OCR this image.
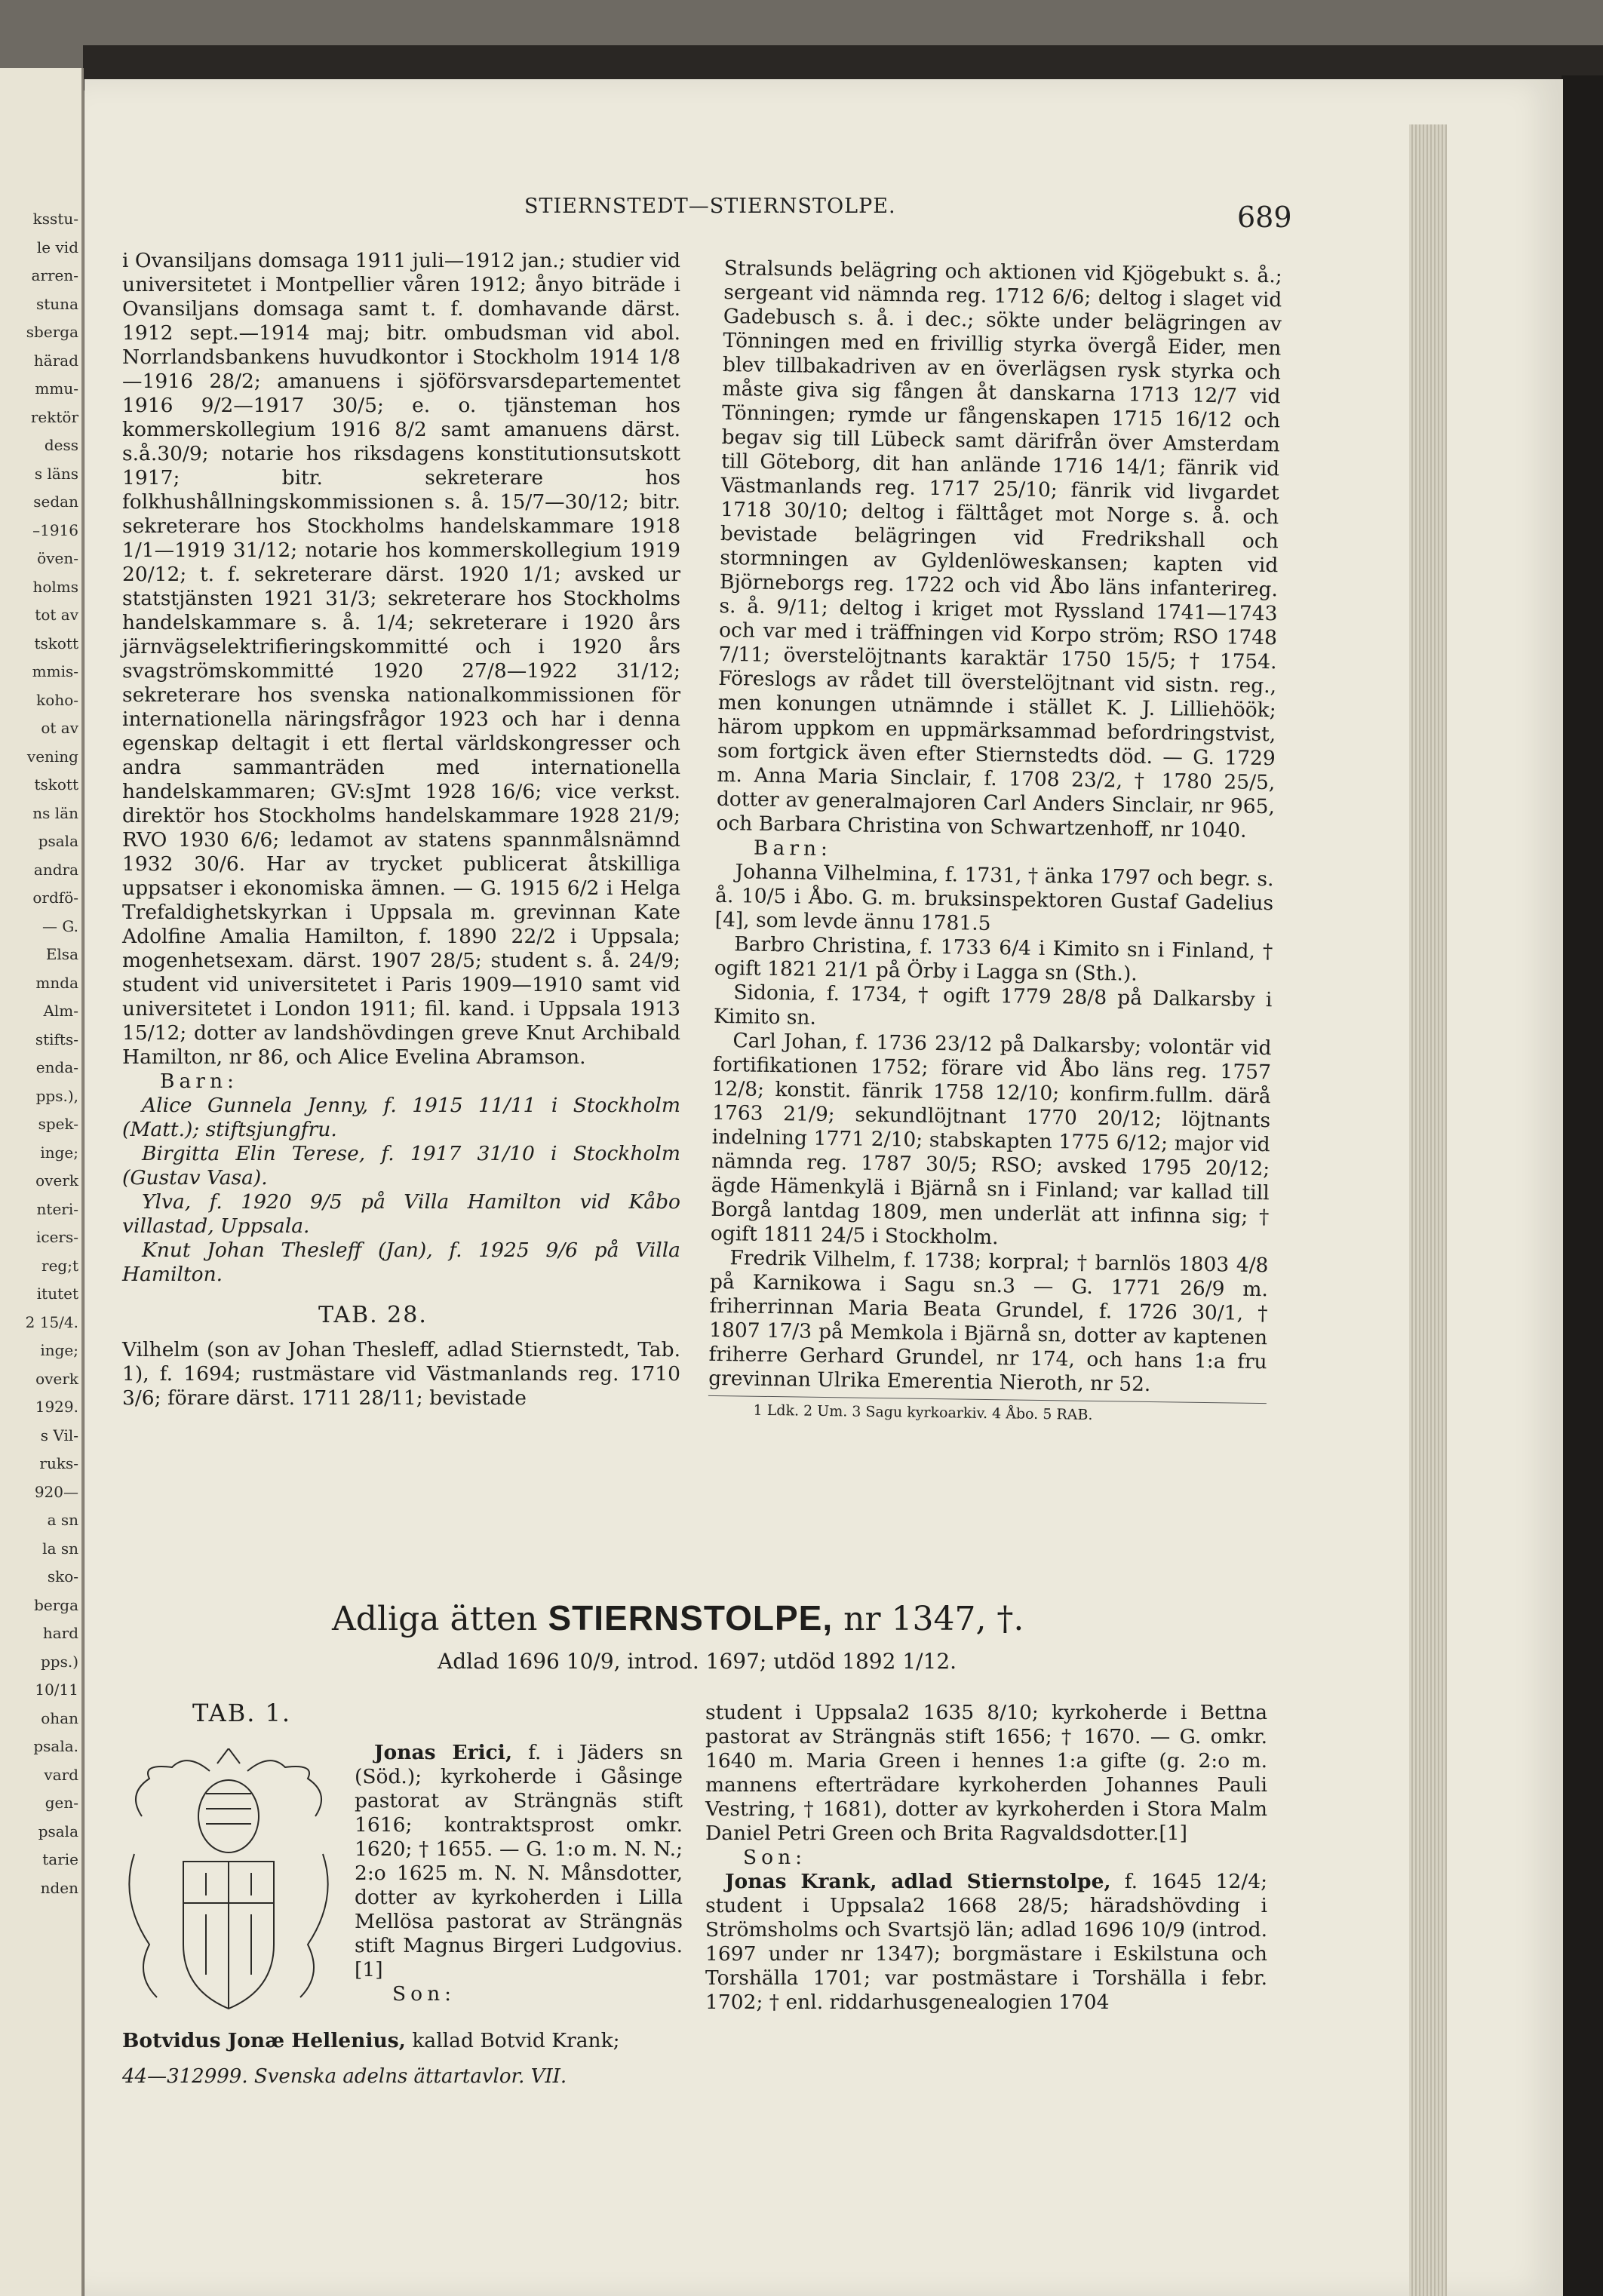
ksstu-
le vid
arren-
stuna
sberga
härad
mmu-
rektör
dess
s läns
sedan
–1916
öven-
holms
tot av
tskott
mmis-
koho-
ot av
vening
tskott
ns län
psala
andra
ordfö-
— G.
Elsa
mnda
Alm-
stifts-
enda-
pps.),
spek-
inge;
overk
nteri-
icers-
reg;t
itutet
2 15/4.
inge;
overk
1929.
s Vil-
ruks-
920—
a sn
la sn
sko-
berga
hard
pps.)
10/11
ohan
psala.
vard
gen-
psala
tarie
nden
STIERNSTEDT—STIERNSTOLPE.	689

i Ovansiljans domsaga 1911 juli—1912 jan.; studier vid universitetet i Montpellier våren 1912; ånyo biträde i Ovansiljans domsaga samt t. f. domhavande därst. 1912 sept.—1914 maj; bitr. ombudsman vid abol. Norrlandsbankens huvudkontor i Stockholm 1914 1/8—1916 28/2; amanuens i sjöförsvarsdepartementet 1916 9/2—1917 30/5; e. o. tjänsteman hos kommerskollegium 1916 8/2 samt amanuens därst. s.å.30/9; notarie hos riksdagens konstitutionsutskott 1917; bitr. sekreterare hos folkhushållningskommissionen s. å. 15/7—30/12; bitr. sekreterare hos Stockholms handelskammare 1918 1/1—1919 31/12; notarie hos kommerskollegium 1919 20/12; t. f. sekreterare därst. 1920 1/1; avsked ur statstjänsten 1921 31/3; sekreterare hos Stockholms handelskammare s. å. 1/4; sekreterare i 1920 års järnvägselektrifieringskommitté och i 1920 års svagströmskommitté 1920 27/8—1922 31/12; sekreterare hos svenska nationalkommissionen för internationella näringsfrågor 1923 och har i denna egenskap deltagit i ett flertal världskongresser och andra sammanträden med internationella handelskammaren; GV:sJmt 1928 16/6; vice verkst. direktör hos Stockholms handelskammare 1928 21/9; RVO 1930 6/6; ledamot av statens spannmålsnämnd 1932 30/6. Har av trycket publicerat åtskilliga uppsatser i ekonomiska ämnen. — G. 1915 6/2 i Helga Trefaldighetskyrkan i Uppsala m. grevinnan Kate Adolfine Amalia Hamilton, f. 1890 22/2 i Uppsala; mogenhetsexam. därst. 1907 28/5; student s. å. 24/9; student vid universitetet i Paris 1909—1910 samt vid universitetet i London 1911; fil. kand. i Uppsala 1913 15/12; dotter av landshövdingen greve Knut Archibald Hamilton, nr 86, och Alice Evelina Abramson.

Barn:

Alice Gunnela Jenny, f. 1915 11/11 i Stockholm (Matt.); stiftsjungfru.

Birgitta Elin Terese, f. 1917 31/10 i Stockholm (Gustav Vasa).

Ylva, f. 1920 9/5 på Villa Hamilton vid Kåbo villastad, Uppsala.

Knut Johan Thesleff (Jan), f. 1925 9/6 på Villa Hamilton.

TAB. 28.

Vilhelm (son av Johan Thesleff, adlad Stiernstedt, Tab. 1), f. 1694; rustmästare vid Västmanlands reg. 1710 3/6; förare därst. 1711 28/11; bevistade

Stralsunds belägring och aktionen vid Kjögebukt s. å.; sergeant vid nämnda reg. 1712 6/6; deltog i slaget vid Gadebusch s. å. i dec.; sökte under belägringen av Tönningen med en frivillig styrka övergå Eider, men blev tillbakadriven av en överlägsen rysk styrka och måste giva sig fången åt danskarna 1713 12/7 vid Tönningen; rymde ur fångenskapen 1715 16/12 och begav sig till Lübeck samt därifrån över Amsterdam till Göteborg, dit han anlände 1716 14/1; fänrik vid Västmanlands reg. 1717 25/10; fänrik vid livgardet 1718 30/10; deltog i fälttåget mot Norge s. å. och bevistade belägringen vid Fredrikshall och stormningen av Gyldenlöweskansen; kapten vid Björneborgs reg. 1722 och vid Åbo läns infanterireg. s. å. 9/11; deltog i kriget mot Ryssland 1741—1743 och var med i träffningen vid Korpo ström; RSO 1748 7/11; överstelöjtnants karaktär 1750 15/5; † 1754. Föreslogs av rådet till överstelöjtnant vid sistn. reg., men konungen utnämnde i stället K. J. Lilliehöök; härom uppkom en uppmärksammad befordringstvist, som fortgick även efter Stiernstedts död. — G. 1729 m. Anna Maria Sinclair, f. 1708 23/2, † 1780 25/5, dotter av generalmajoren Carl Anders Sinclair, nr 965, och Barbara Christina von Schwartzenhoff, nr 1040.

Barn:

Johanna Vilhelmina, f. 1731, † änka 1797 och begr. s. å. 10/5 i Åbo. G. m. bruksinspektoren Gustaf Gadelius [4], som levde ännu 1781.5

Barbro Christina, f. 1733 6/4 i Kimito sn i Finland, † ogift 1821 21/1 på Örby i Lagga sn (Sth.).

Sidonia, f. 1734, † ogift 1779 28/8 på Dalkarsby i Kimito sn.

Carl Johan, f. 1736 23/12 på Dalkarsby; volontär vid fortifikationen 1752; förare vid Åbo läns reg. 1757 12/8; konstit. fänrik 1758 12/10; konfirm.fullm. därå 1763 21/9; sekundlöjtnant 1770 20/12; löjtnants indelning 1771 2/10; stabskapten 1775 6/12; major vid nämnda reg. 1787 30/5; RSO; avsked 1795 20/12; ägde Hämenkylä i Bjärnå sn i Finland; var kallad till Borgå lantdag 1809, men underlät att infinna sig; † ogift 1811 24/5 i Stockholm.

Fredrik Vilhelm, f. 1738; korpral; † barnlös 1803 4/8 på Karnikowa i Sagu sn.3 — G. 1771 26/9 m. friherrinnan Maria Beata Grundel, f. 1726 30/1, † 1807 17/3 på Memkola i Bjärnå sn, dotter av kaptenen friherre Gerhard Grundel, nr 174, och hans 1:a fru grevinnan Ulrika Emerentia Nieroth, nr 52.

1 Ldk. 2 Um. 3 Sagu kyrkoarkiv. 4 Åbo. 5 RAB.

Adliga ätten STIERNSTOLPE, nr 1347, †.
Adlad 1696 10/9, introd. 1697; utdöd 1892 1/12.
TAB. 1.

Jonas Erici, f. i Jäders sn (Söd.); kyrkoherde i Gåsinge pastorat av Strängnäs stift 1616; kontraktsprost omkr. 1620; † 1655. — G. 1:o m. N. N.; 2:o 1625 m. N. N. Månsdotter, dotter av kyrkoherden i Lilla Mellösa pastorat av Strängnäs stift Magnus Birgeri Ludgovius.[1]

Son:

Botvidus Jonæ Hellenius, kallad Botvid Krank;

44—312999. Svenska adelns ättartavlor. VII.

student i Uppsala2 1635 8/10; kyrkoherde i Bettna pastorat av Strängnäs stift 1656; † 1670. — G. omkr. 1640 m. Maria Green i hennes 1:a gifte (g. 2:o m. mannens efterträdare kyrkoherden Johannes Pauli Vestring, † 1681), dotter av kyrkoherden i Stora Malm Daniel Petri Green och Brita Ragvaldsdotter.[1]

Son:

Jonas Krank, adlad Stiernstolpe, f. 1645 12/4; student i Uppsala2 1668 28/5; häradshövding i Strömsholms och Svartsjö län; adlad 1696 10/9 (introd. 1697 under nr 1347); borgmästare i Eskilstuna och Torshälla 1701; var postmästare i Torshälla i febr. 1702; † enl. riddarhusgenealogien 1704
